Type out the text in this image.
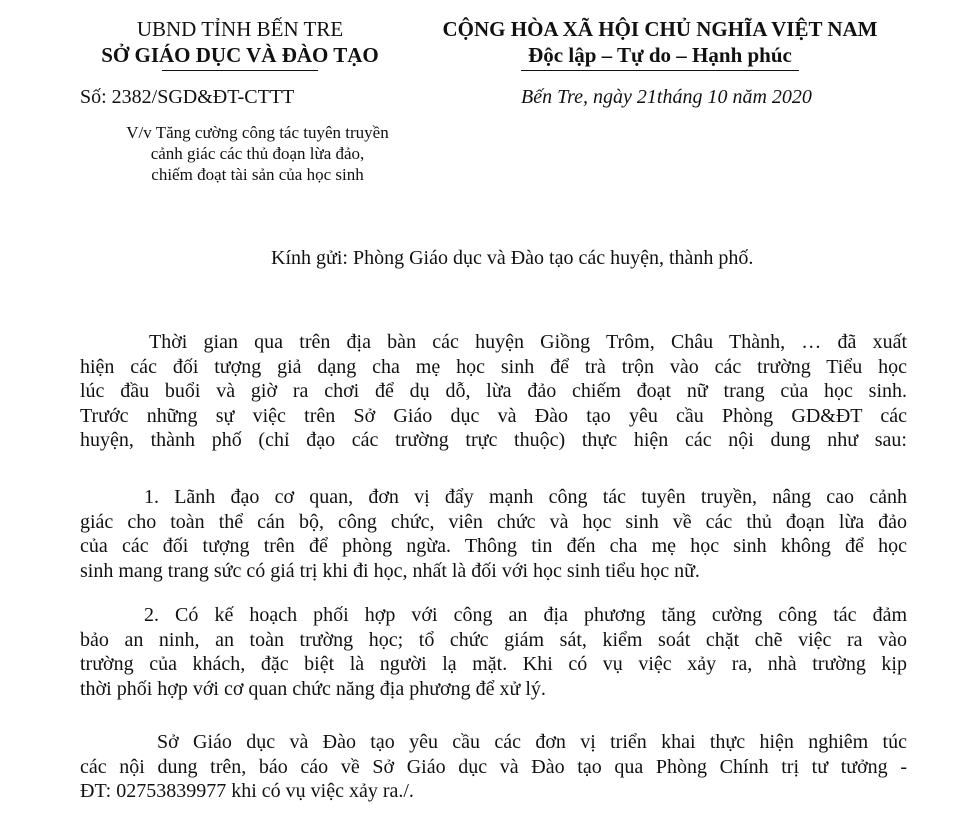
UBND TỈNH BẾN TRE
SỞ GIÁO DỤC VÀ ĐÀO TẠO
CỘNG HÒA XÃ HỘI CHỦ NGHĨA VIỆT NAM
Độc lập – Tự do – Hạnh phúc
Số: 2382/SGD&ĐT-CTTT	Bến Tre, ngày 21tháng 10 năm 2020
V/v Tăng cường công tác tuyên truyền
cảnh giác các thủ đoạn lừa đảo,
chiếm đoạt tài sản của học sinh
Kính gửi: Phòng Giáo dục và Đào tạo các huyện, thành phố.
Thời gian qua trên địa bàn các huyện Giồng Trôm, Châu Thành, … đã xuất
hiện các đối tượng giả dạng cha mẹ học sinh để trà trộn vào các trường Tiểu học
lúc đầu buổi và giờ ra chơi để dụ dỗ, lừa đảo chiếm đoạt nữ trang của học sinh.
Trước những sự việc trên Sở Giáo dục và Đào tạo yêu cầu Phòng GD&ĐT các
huyện, thành phố (chỉ đạo các trường trực thuộc) thực hiện các nội dung như sau:
1. Lãnh đạo cơ quan, đơn vị đẩy mạnh công tác tuyên truyền, nâng cao cảnh
giác cho toàn thể cán bộ, công chức, viên chức và học sinh về các thủ đoạn lừa đảo
của các đối tượng trên để phòng ngừa. Thông tin đến cha mẹ học sinh không để học
sinh mang trang sức có giá trị khi đi học, nhất là đối với học sinh tiểu học nữ.
2. Có kế hoạch phối hợp với công an địa phương tăng cường công tác đảm
bảo an ninh, an toàn trường học; tổ chức giám sát, kiểm soát chặt chẽ việc ra vào
trường của khách, đặc biệt là người lạ mặt. Khi có vụ việc xảy ra, nhà trường kịp
thời phối hợp với cơ quan chức năng địa phương để xử lý.
Sở Giáo dục và Đào tạo yêu cầu các đơn vị triển khai thực hiện nghiêm túc
các nội dung trên, báo cáo về Sở Giáo dục và Đào tạo qua Phòng Chính trị tư tưởng -
ĐT: 02753839977 khi có vụ việc xảy ra./.
